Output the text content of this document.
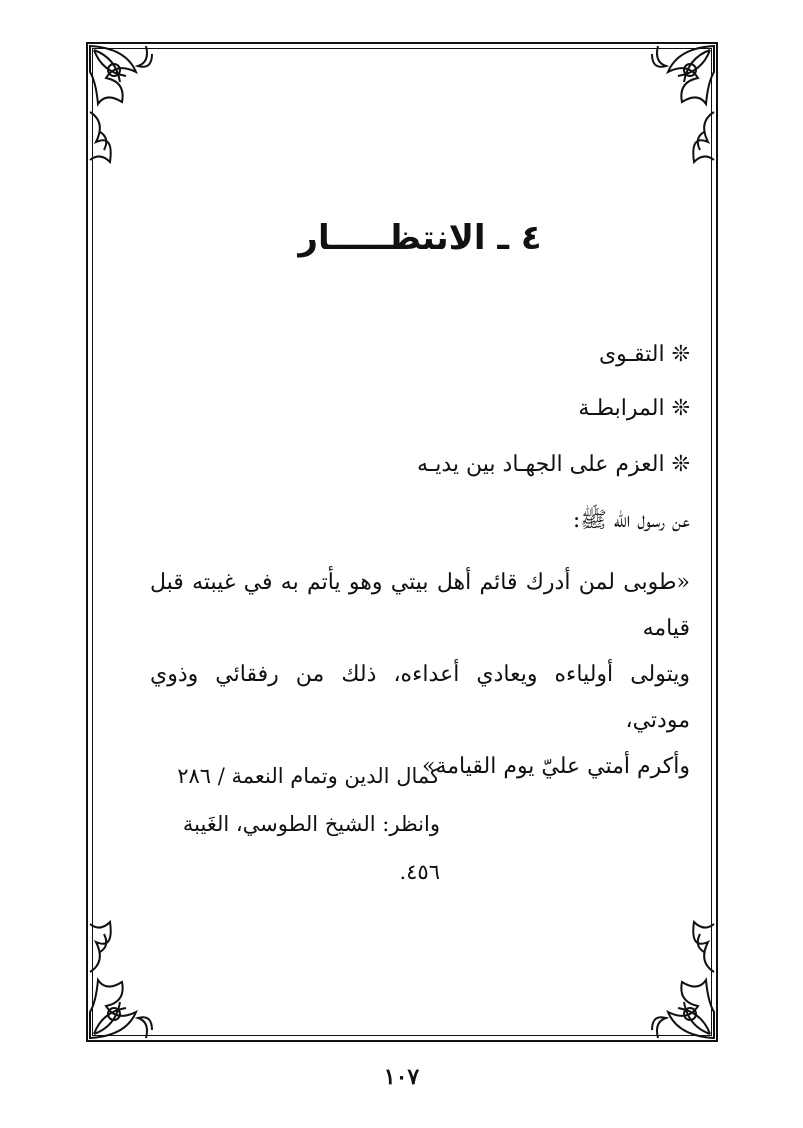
٤ ـ الانتظـــــار
❊ التقـوى
❊ المرابطـة
❊ العزم على الجهـاد بين يديـه
عن رسول الله ﷺ:
«طوبى لمن أدرك قائم أهل بيتي وهو يأتم به في غيبته قبل قيامه
ويتولى أولياءه ويعادي أعداءه، ذلك من رفقائي وذوي مودتي،
وأكرم أمتي عليّ يوم القيامة»
كمال الدين وتمام النعمة / ٢٨٦
وانظر: الشيخ الطوسي، الغَيبة ٤٥٦.
١٠٧
